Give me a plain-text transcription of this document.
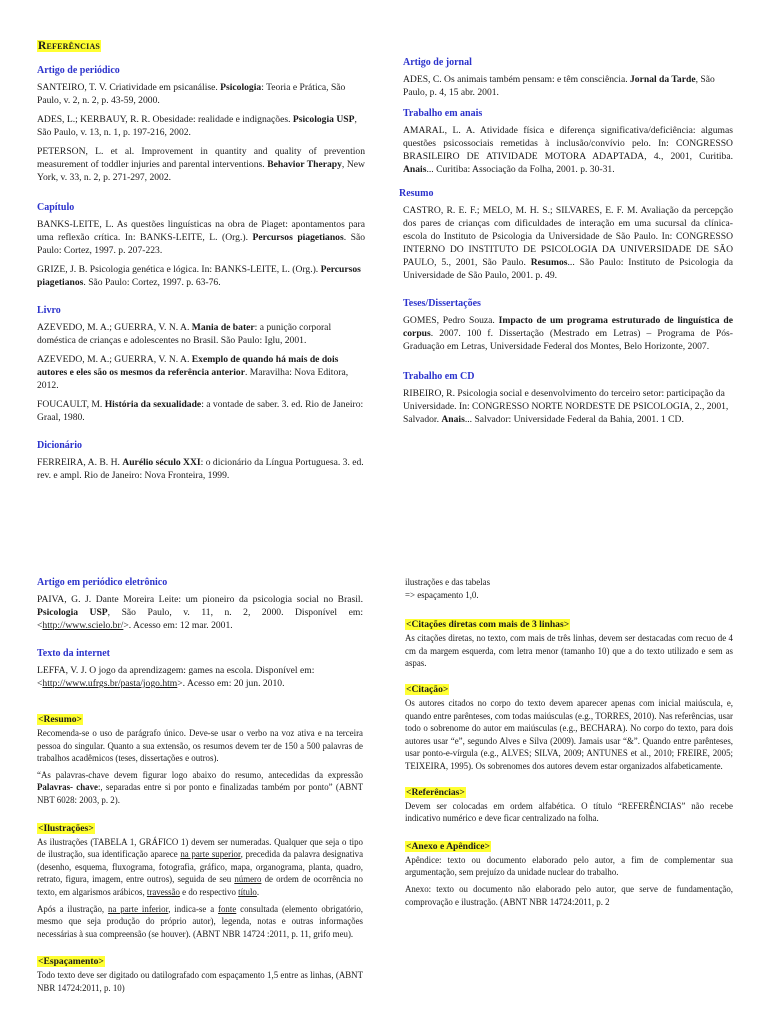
Referências
Artigo de periódico

SANTEIRO, T. V. Criatividade em psicanálise. Psicologia: Teoria e Prática, São Paulo, v. 2, n. 2, p. 43-59, 2000.

ADES, L.; KERBAUY, R. R. Obesidade: realidade e indignações. Psicologia USP, São Paulo, v. 13, n. 1, p. 197-216, 2002.

PETERSON, L. et al. Improvement in quantity and quality of prevention measurement of toddler injuries and parental interventions. Behavior Therapy, New York, v. 33, n. 2, p. 271-297, 2002.

Capítulo

BANKS-LEITE, L. As questões linguísticas na obra de Piaget: apontamentos para uma reflexão crítica. In: BANKS-LEITE, L. (Org.). Percursos piagetianos. São Paulo: Cortez, 1997. p. 207-223.

GRIZE, J. B. Psicologia genética e lógica. In: BANKS-LEITE, L. (Org.). Percursos piagetianos. São Paulo: Cortez, 1997. p. 63-76.

Livro

AZEVEDO, M. A.; GUERRA, V. N. A. Mania de bater: a punição corporal doméstica de crianças e adolescentes no Brasil. São Paulo: Iglu, 2001.

AZEVEDO, M. A.; GUERRA, V. N. A. Exemplo de quando há mais de dois autores e eles são os mesmos da referência anterior. Maravilha: Nova Editora, 2012.

FOUCAULT, M. História da sexualidade: a vontade de saber. 3. ed. Rio de Janeiro: Graal, 1980.

Dicionário

FERREIRA, A. B. H. Aurélio século XXI: o dicionário da Língua Portuguesa. 3. ed. rev. e ampl. Rio de Janeiro: Nova Fronteira, 1999.

Artigo de jornal

ADES, C. Os animais também pensam: e têm consciência. Jornal da Tarde, São Paulo, p. 4, 15 abr. 2001.

Trabalho em anais

AMARAL, L. A. Atividade física e diferença significativa/deficiência: algumas questões psicossociais remetidas à inclusão/convívio pelo. In: CONGRESSO BRASILEIRO DE ATIVIDADE MOTORA ADAPTADA, 4., 2001, Curitiba. Anais... Curitiba: Associação da Folha, 2001. p. 30-31.

Resumo

CASTRO, R. E. F.; MELO, M. H. S.; SILVARES, E. F. M. Avaliação da percepção dos pares de crianças com dificuldades de interação em uma sucursal da clínica-escola do Instituto de Psicologia da Universidade de São Paulo. In: CONGRESSO INTERNO DO INSTITUTO DE PSICOLOGIA DA UNIVERSIDADE DE SÃO PAULO, 5., 2001, São Paulo. Resumos... São Paulo: Instituto de Psicologia da Universidade de São Paulo, 2001. p. 49.

Teses/Dissertações

GOMES, Pedro Souza. Impacto de um programa estruturado de linguística de corpus. 2007. 100 f. Dissertação (Mestrado em Letras) – Programa de Pós-Graduação em Letras, Universidade Federal dos Montes, Belo Horizonte, 2007.

Trabalho em CD

RIBEIRO, R. Psicologia social e desenvolvimento do terceiro setor: participação da Universidade. In: CONGRESSO NORTE NORDESTE DE PSICOLOGIA, 2., 2001, Salvador. Anais... Salvador: Universidade Federal da Bahia, 2001. 1 CD.

Artigo em periódico eletrônico

PAIVA, G. J. Dante Moreira Leite: um pioneiro da psicologia social no Brasil. Psicologia USP, São Paulo, v. 11, n. 2, 2000. Disponível em: <http://www.scielo.br/>. Acesso em: 12 mar. 2001.

Texto da internet

LEFFA, V. J. O jogo da aprendizagem: games na escola. Disponível em: <http://www.ufrgs.br/pasta/jogo.htm>. Acesso em: 20 jun. 2010.

<Resumo>

Recomenda-se o uso de parágrafo único. Deve-se usar o verbo na voz ativa e na terceira pessoa do singular. Quanto a sua extensão, os resumos devem ter de 150 a 500 palavras de trabalhos acadêmicos (teses, dissertações e outros).

“As palavras-chave devem figurar logo abaixo do resumo, antecedidas da expressão Palavras- chave:, separadas entre si por ponto e finalizadas também por ponto” (ABNT NBT 6028: 2003, p. 2).

<Ilustrações>

As ilustrações (TABELA 1, GRÁFICO 1) devem ser numeradas. Qualquer que seja o tipo de ilustração, sua identificação aparece na parte superior, precedida da palavra designativa (desenho, esquema, fluxograma, fotografia, gráfico, mapa, organograma, planta, quadro, retrato, figura, imagem, entre outros), seguida de seu número de ordem de ocorrência no texto, em algarismos arábicos, travessão e do respectivo título.

Após a ilustração, na parte inferior, indica-se a fonte consultada (elemento obrigatório, mesmo que seja produção do próprio autor), legenda, notas e outras informações necessárias à sua compreensão (se houver). (ABNT NBR 14724 :2011, p. 11, grifo meu).

<Espaçamento>

Todo texto deve ser digitado ou datilografado com espaçamento 1,5 entre as linhas, (ABNT NBR 14724:2011, p. 10)

ilustrações e das tabelas

=> espaçamento 1,0.

<Citações diretas com mais de 3 linhas>

As citações diretas, no texto, com mais de três linhas, devem ser destacadas com recuo de 4 cm da margem esquerda, com letra menor (tamanho 10) que a do texto utilizado e sem as aspas.

<Citação>

Os autores citados no corpo do texto devem aparecer apenas com inicial maiúscula, e, quando entre parênteses, com todas maiúsculas (e.g., TORRES, 2010). Nas referências, usar todo o sobrenome do autor em maiúsculas (e.g., BECHARA). No corpo do texto, para dois autores usar “e”, segundo Alves e Silva (2009). Jamais usar “&”. Quando entre parênteses, usar ponto-e-vírgula (e.g., ALVES; SILVA, 2009; ANTUNES et al., 2010; FREIRE, 2005; TEIXEIRA, 1995). Os sobrenomes dos autores devem estar organizados alfabeticamente.

<Referências>

Devem ser colocadas em ordem alfabética. O título “REFERÊNCIAS” não recebe indicativo numérico e deve ficar centralizado na folha.

<Anexo e Apêndice>

Apêndice: texto ou documento elaborado pelo autor, a fim de complementar sua argumentação, sem prejuízo da unidade nuclear do trabalho.

Anexo: texto ou documento não elaborado pelo autor, que serve de fundamentação, comprovação e ilustração. (ABNT NBR 14724:2011, p. 2
